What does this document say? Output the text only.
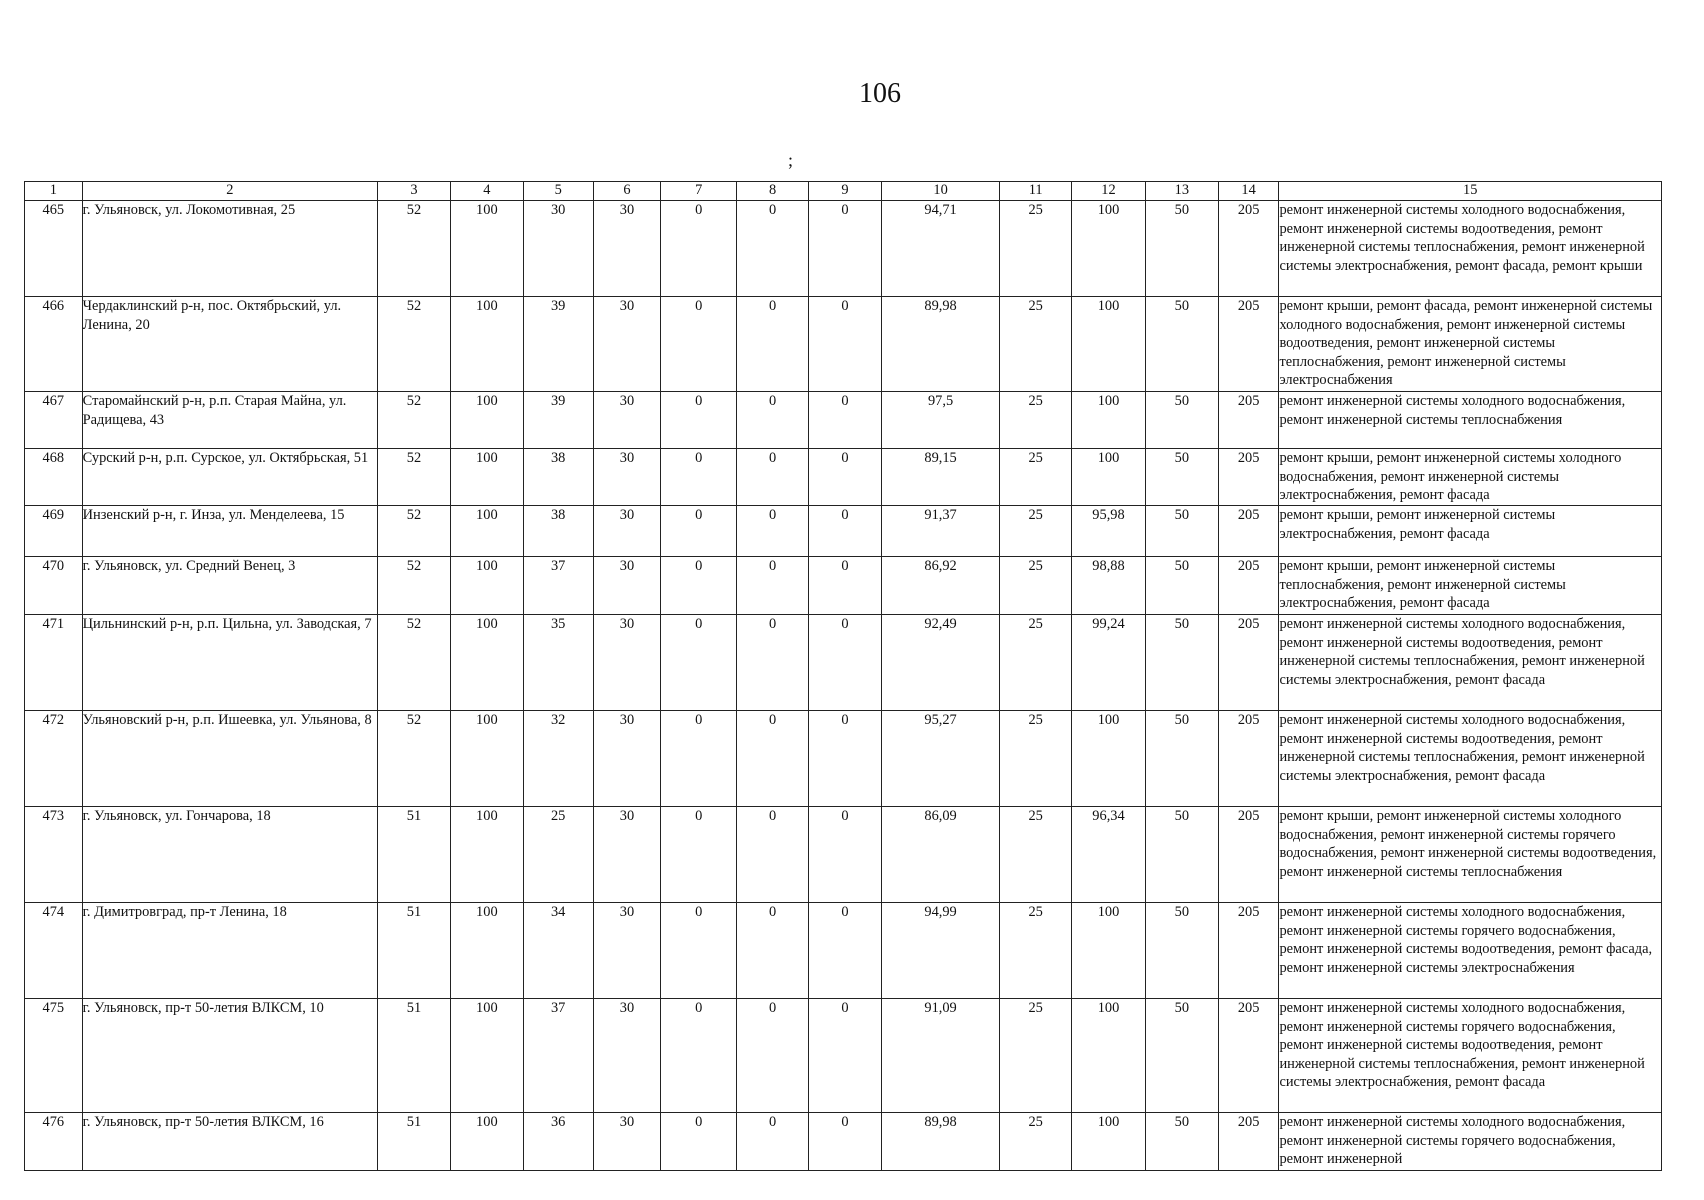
106
;
1	2	3	4	5	6	7	8	9	10	11	12	13	14	15
465	г. Ульяновск, ул. Локомотивная, 25	52	100	30	30	0	0	0	94,71	25	100	50	205	ремонт инженерной системы холодного водоснабжения, ремонт инженерной системы водоотведения, ремонт инженерной системы теплоснабжения, ремонт инженерной системы электроснабжения, ремонт фасада, ремонт крыши
466	Чердаклинский р-н, пос. Октябрьский, ул. Ленина, 20	52	100	39	30	0	0	0	89,98	25	100	50	205	ремонт крыши, ремонт фасада, ремонт инженерной системы холодного водоснабжения, ремонт инженерной системы водоотведения, ремонт инженерной системы теплоснабжения, ремонт инженерной системы электроснабжения
467	Старомайнский р-н, р.п. Старая Майна, ул. Радищева, 43	52	100	39	30	0	0	0	97,5	25	100	50	205	ремонт инженерной системы холодного водоснабжения, ремонт инженерной системы теплоснабжения
468	Сурский р-н, р.п. Сурское, ул. Октябрьская, 51	52	100	38	30	0	0	0	89,15	25	100	50	205	ремонт крыши, ремонт инженерной системы холодного водоснабжения, ремонт инженерной системы электроснабжения, ремонт фасада
469	Инзенский р-н, г. Инза, ул. Менделеева, 15	52	100	38	30	0	0	0	91,37	25	95,98	50	205	ремонт крыши, ремонт инженерной системы электроснабжения, ремонт фасада
470	г. Ульяновск, ул. Средний Венец, 3	52	100	37	30	0	0	0	86,92	25	98,88	50	205	ремонт крыши, ремонт инженерной системы теплоснабжения, ремонт инженерной системы электроснабжения, ремонт фасада
471	Цильнинский р-н, р.п. Цильна, ул. Заводская, 7	52	100	35	30	0	0	0	92,49	25	99,24	50	205	ремонт инженерной системы холодного водоснабжения, ремонт инженерной системы водоотведения, ремонт инженерной системы теплоснабжения, ремонт инженерной системы электроснабжения, ремонт фасада
472	Ульяновский р-н, р.п. Ишеевка, ул. Ульянова, 8	52	100	32	30	0	0	0	95,27	25	100	50	205	ремонт инженерной системы холодного водоснабжения, ремонт инженерной системы водоотведения, ремонт инженерной системы теплоснабжения, ремонт инженерной системы электроснабжения, ремонт фасада
473	г. Ульяновск, ул. Гончарова, 18	51	100	25	30	0	0	0	86,09	25	96,34	50	205	ремонт крыши, ремонт инженерной системы холодного водоснабжения, ремонт инженерной системы горячего водоснабжения, ремонт инженерной системы водоотведения, ремонт инженерной системы теплоснабжения
474	г. Димитровград, пр-т Ленина, 18	51	100	34	30	0	0	0	94,99	25	100	50	205	ремонт инженерной системы холодного водоснабжения, ремонт инженерной системы горячего водоснабжения, ремонт инженерной системы водоотведения, ремонт фасада, ремонт инженерной системы электроснабжения
475	г. Ульяновск, пр-т 50-летия ВЛКСМ, 10	51	100	37	30	0	0	0	91,09	25	100	50	205	ремонт инженерной системы холодного водоснабжения, ремонт инженерной системы горячего водоснабжения, ремонт инженерной системы водоотведения, ремонт инженерной системы теплоснабжения, ремонт инженерной системы электроснабжения, ремонт фасада
476	г. Ульяновск, пр-т 50-летия ВЛКСМ, 16	51	100	36	30	0	0	0	89,98	25	100	50	205	ремонт инженерной системы холодного водоснабжения, ремонт инженерной системы горячего водоснабжения, ремонт инженерной
